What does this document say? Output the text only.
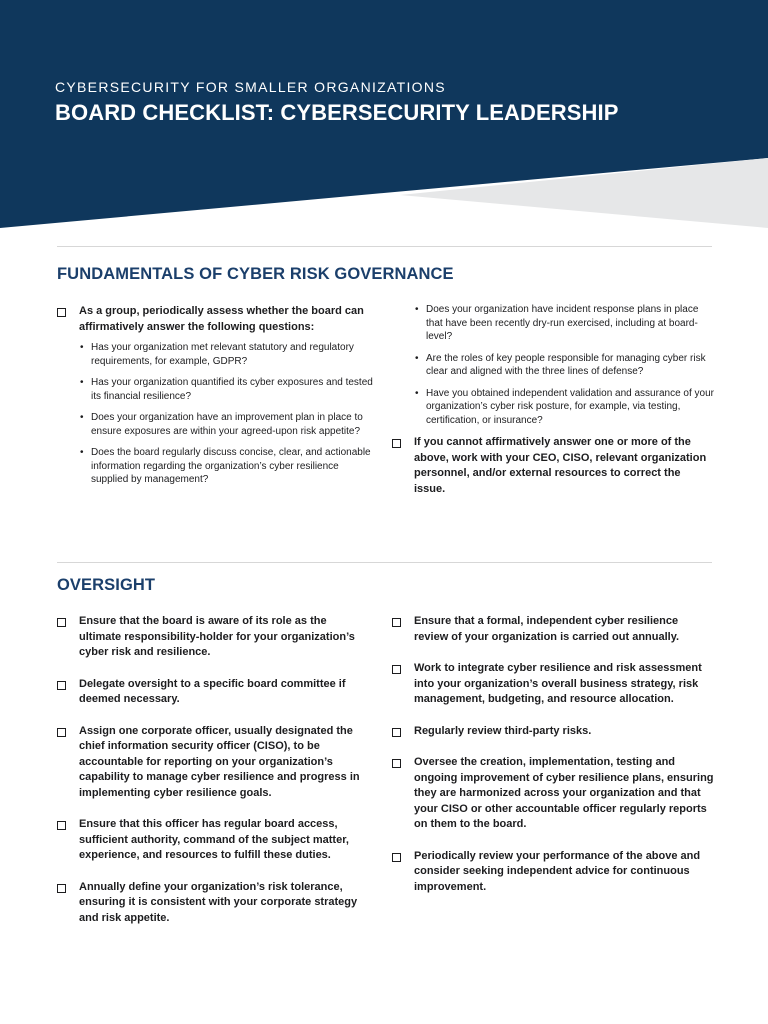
CYBERSECURITY FOR SMALLER ORGANIZATIONS
BOARD CHECKLIST: CYBERSECURITY LEADERSHIP
FUNDAMENTALS OF CYBER RISK GOVERNANCE
As a group, periodically assess whether the board can affirmatively answer the following questions:
• Has your organization met relevant statutory and regulatory requirements, for example, GDPR?
• Has your organization quantified its cyber exposures and tested its financial resilience?
• Does your organization have an improvement plan in place to ensure exposures are within your agreed-upon risk appetite?
• Does the board regularly discuss concise, clear, and actionable information regarding the organization’s cyber resilience supplied by management?
• Does your organization have incident response plans in place that have been recently dry-run exercised, including at board-level?
• Are the roles of key people responsible for managing cyber risk clear and aligned with the three lines of defense?
• Have you obtained independent validation and assurance of your organization’s cyber risk posture, for example, via testing, certification, or insurance?
If you cannot affirmatively answer one or more of the above, work with your CEO, CISO, relevant organization personnel, and/or external resources to correct the issue.
OVERSIGHT
Ensure that the board is aware of its role as the ultimate responsibility-holder for your organization’s cyber risk and resilience.
Delegate oversight to a specific board committee if deemed necessary.
Assign one corporate officer, usually designated the chief information security officer (CISO), to be accountable for reporting on your organization’s capability to manage cyber resilience and progress in implementing cyber resilience goals.
Ensure that this officer has regular board access, sufficient authority, command of the subject matter, experience, and resources to fulfill these duties.
Annually define your organization’s risk tolerance, ensuring it is consistent with your corporate strategy and risk appetite.
Ensure that a formal, independent cyber resilience review of your organization is carried out annually.
Work to integrate cyber resilience and risk assessment into your organization’s overall business strategy, risk management, budgeting, and resource allocation.
Regularly review third-party risks.
Oversee the creation, implementation, testing and ongoing improvement of cyber resilience plans, ensuring they are harmonized across your organization and that your CISO or other accountable officer regularly reports on them to the board.
Periodically review your performance of the above and consider seeking independent advice for continuous improvement.
